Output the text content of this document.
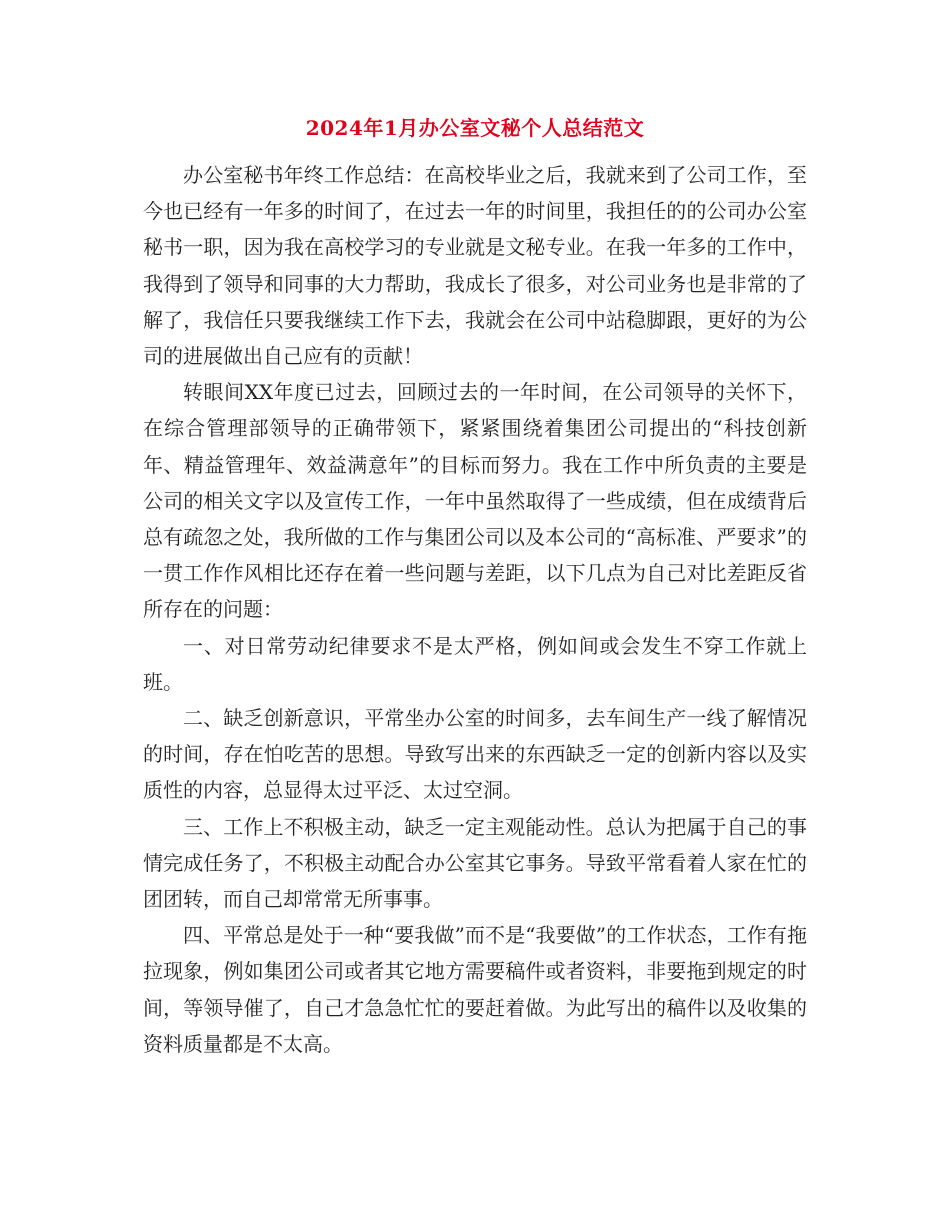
2024年1月办公室文秘个人总结范文

办公室秘书年终工作总结：在高校毕业之后，我就来到了公司工作，至今也已经有一年多的时间了，在过去一年的时间里，我担任的的公司办公室秘书一职，因为我在高校学习的专业就是文秘专业。在我一年多的工作中，我得到了领导和同事的大力帮助，我成长了很多，对公司业务也是非常的了解了，我信任只要我继续工作下去，我就会在公司中站稳脚跟，更好的为公司的进展做出自己应有的贡献！

转眼间XX年度已过去，回顾过去的一年时间，在公司领导的关怀下，在综合管理部领导的正确带领下，紧紧围绕着集团公司提出的“科技创新年、精益管理年、效益满意年”的目标而努力。我在工作中所负责的主要是公司的相关文字以及宣传工作，一年中虽然取得了一些成绩，但在成绩背后总有疏忽之处，我所做的工作与集团公司以及本公司的“高标准、严要求”的一贯工作作风相比还存在着一些问题与差距，以下几点为自己对比差距反省所存在的问题：

一、对日常劳动纪律要求不是太严格，例如间或会发生不穿工作就上班。

二、缺乏创新意识，平常坐办公室的时间多，去车间生产一线了解情况的时间，存在怕吃苦的思想。导致写出来的东西缺乏一定的创新内容以及实质性的内容，总显得太过平泛、太过空洞。

三、工作上不积极主动，缺乏一定主观能动性。总认为把属于自己的事情完成任务了，不积极主动配合办公室其它事务。导致平常看着人家在忙的团团转，而自己却常常无所事事。

四、平常总是处于一种“要我做”而不是“我要做”的工作状态，工作有拖拉现象，例如集团公司或者其它地方需要稿件或者资料，非要拖到规定的时间，等领导催了，自己才急急忙忙的要赶着做。为此写出的稿件以及收集的资料质量都是不太高。
